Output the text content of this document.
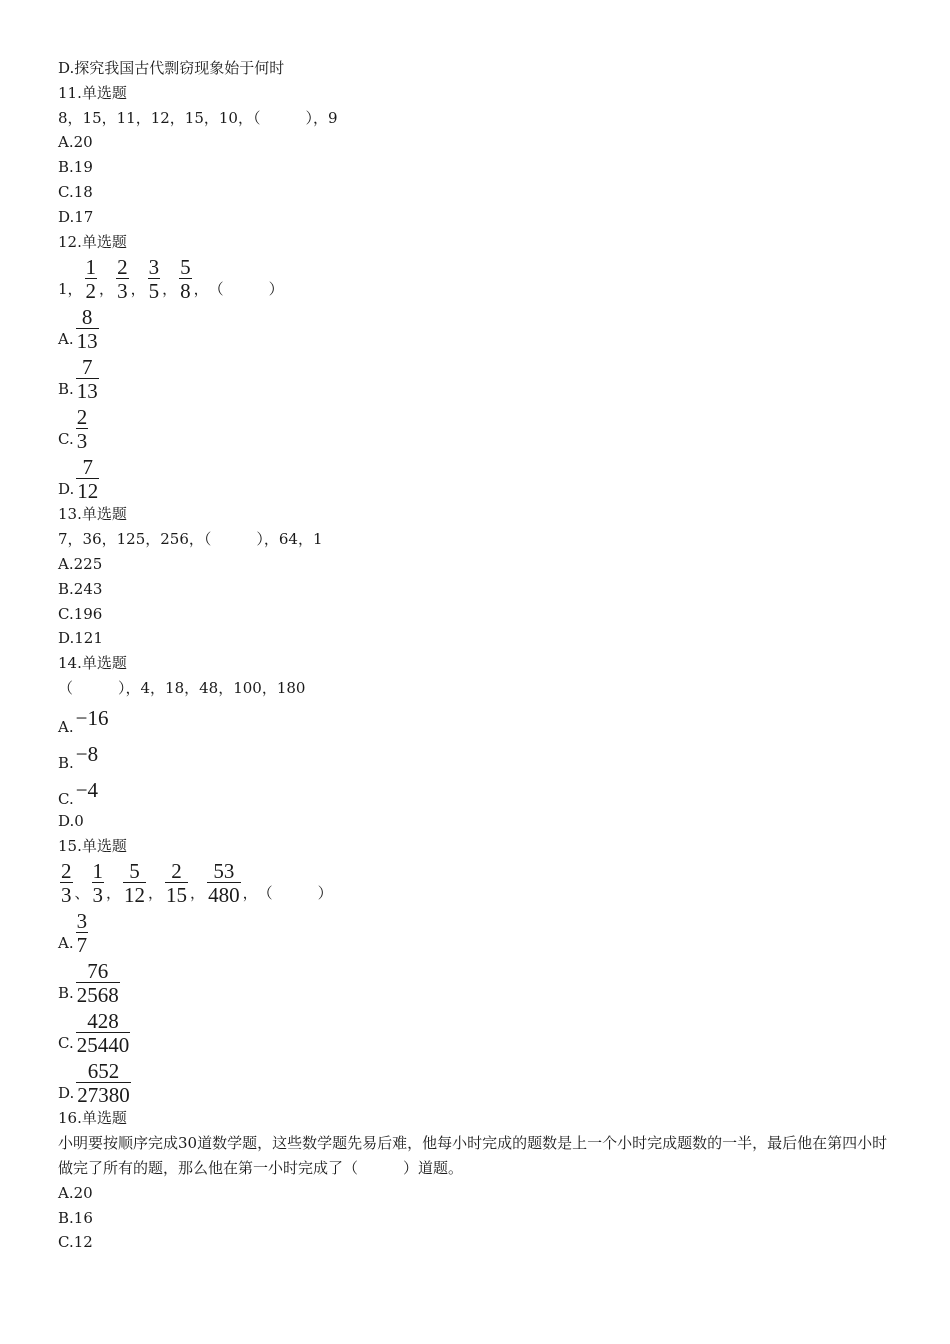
D.探究我国古代剽窃现象始于何时
11.单选题
8，15，11，12，15，10，（　　　），9
A.20
B.19
C.18
D.17
12.单选题
1， $\frac{1}{2}$ ， $\frac{2}{3}$ ， $\frac{3}{5}$ ， $\frac{5}{8}$ ， （　　　）
A. $\frac{8}{13}$
B. $\frac{7}{13}$
C. $\frac{2}{3}$
D. $\frac{7}{12}$
13.单选题
7，36，125，256，（　　　），64，1
A.225
B.243
C.196
D.121
14.单选题
（　　　），4，18，48，100，180
A. −16
B. −8
C. −4
D.0
15.单选题
$\frac{2}{3}$ 、 $\frac{1}{3}$ ， $\frac{5}{12}$ ， $\frac{2}{15}$ ， $\frac{53}{480}$ ， （　　　）
A. $\frac{3}{7}$
B. $\frac{76}{2568}$
C. $\frac{428}{25440}$
D. $\frac{652}{27380}$
16.单选题
小明要按顺序完成30道数学题，这些数学题先易后难，他每小时完成的题数是上一个小时完成题数的一半，最后他在第四小时做完了所有的题，那么他在第一小时完成了（　　　）道题。
A.20
B.16
C.12
